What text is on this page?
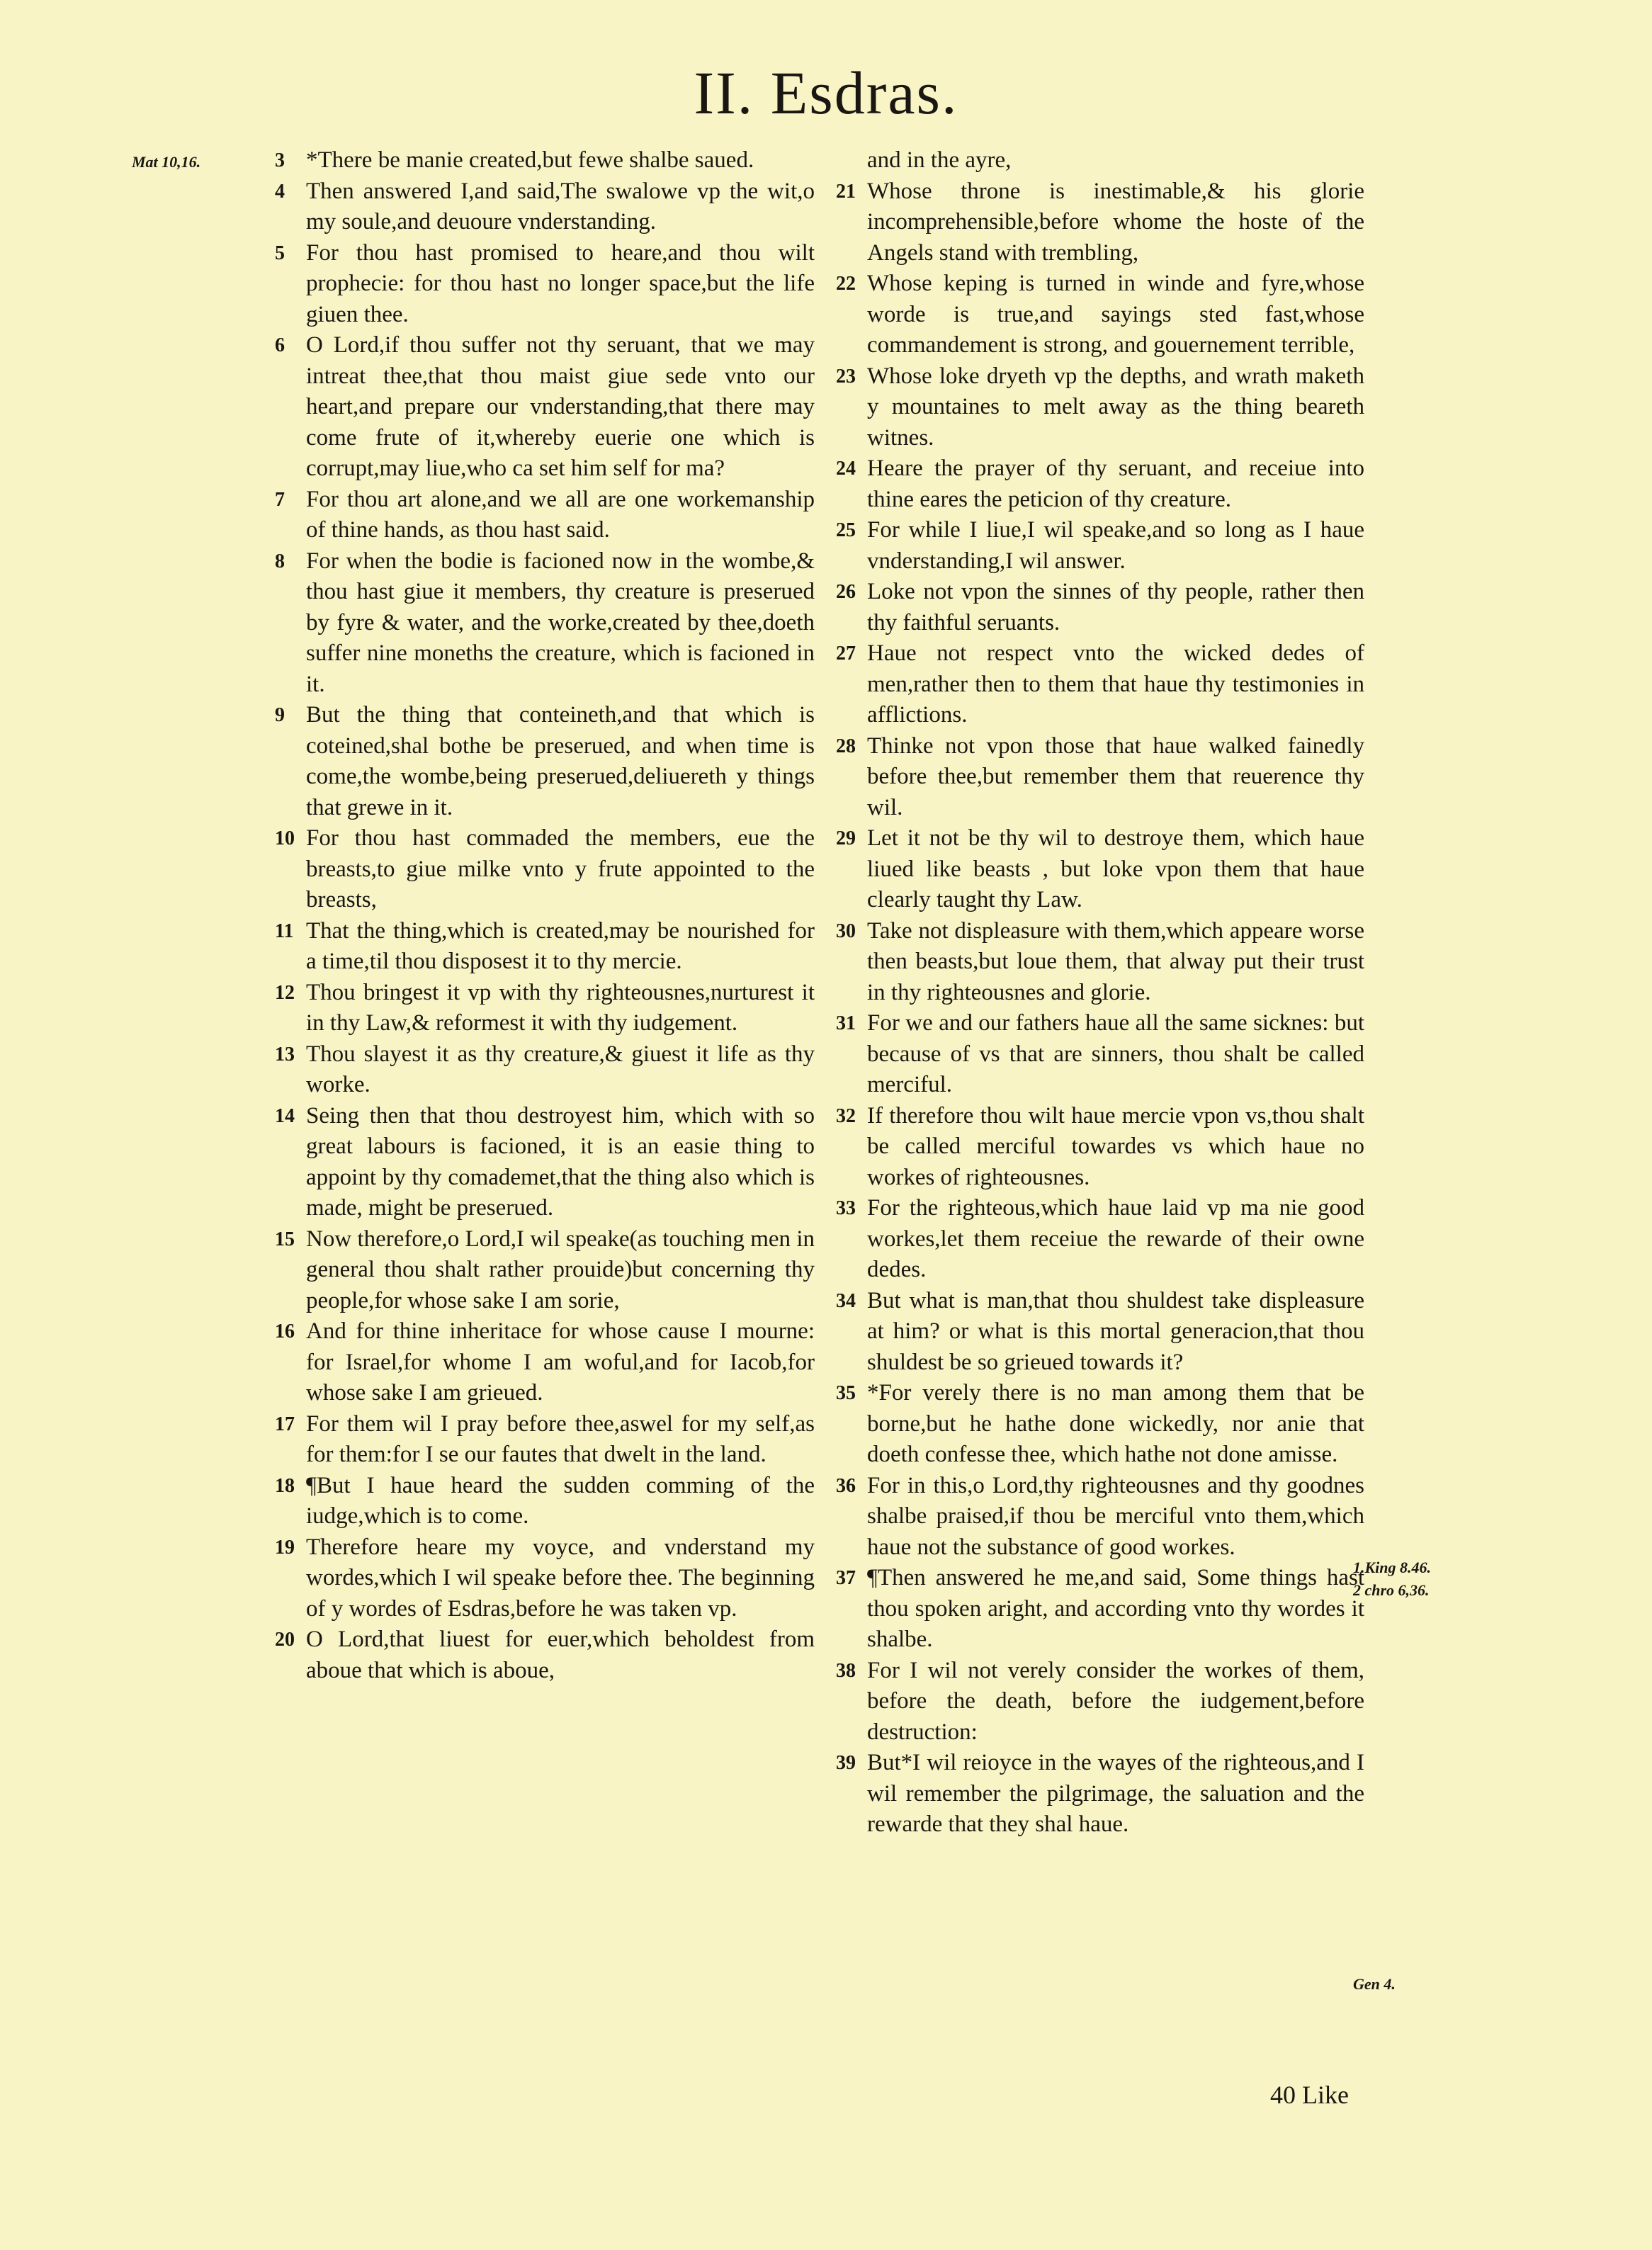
II. Esdras.
Mat 10,16.
1.King 8.46.
2 chro 6,36.
Gen 4.

3 *There be manie created,but fewe shalbe saued.

4 Then answered I,and said,The swalowe vp the wit,o my soule,and deuoure vnderstanding.

5 For thou hast promised to heare,and thou wilt prophecie: for thou hast no longer space,but the life giuen thee.

6 O Lord,if thou suffer not thy seruant, that we may intreat thee,that thou maist giue sede vnto our heart,and prepare our vnderstanding,that there may come frute of it,whereby euerie one which is corrupt,may liue,who ca set him self for ma?

7 For thou art alone,and we all are one workemanship of thine hands, as thou hast said.

8 For when the bodie is facioned now in the wombe,& thou hast giue it members, thy creature is preserued by fyre & water, and the worke,created by thee,doeth suffer nine moneths the creature, which is facioned in it.

9 But the thing that conteineth,and that which is coteined,shal bothe be preserued, and when time is come,the wombe,being preserued,deliuereth y things that grewe in it.

10 For thou hast commaded the members, eue the breasts,to giue milke vnto y frute appointed to the breasts,

11 That the thing,which is created,may be nourished for a time,til thou disposest it to thy mercie.

12 Thou bringest it vp with thy righteousnes,nurturest it in thy Law,& reformest it with thy iudgement.

13 Thou slayest it as thy creature,& giuest it life as thy worke.

14 Seing then that thou destroyest him, which with so great labours is facioned, it is an easie thing to appoint by thy comademet,that the thing also which is made, might be preserued.

15 Now therefore,o Lord,I wil speake(as touching men in general thou shalt rather prouide)but concerning thy people,for whose sake I am sorie,

16 And for thine inheritace for whose cause I mourne: for Israel,for whome I am woful,and for Iacob,for whose sake I am grieued.

17 For them wil I pray before thee,aswel for my self,as for them:for I se our fautes that dwelt in the land.

18 ¶But I haue heard the sudden comming of the iudge,which is to come.

19 Therefore heare my voyce, and vnderstand my wordes,which I wil speake before thee. The beginning of y wordes of Esdras,before he was taken vp.

20 O Lord,that liuest for euer,which beholdest from aboue that which is aboue,

and in the ayre,

21 Whose throne is inestimable,& his glorie incomprehensible,before whome the hoste of the Angels stand with trembling,

22 Whose keping is turned in winde and fyre,whose worde is true,and sayings sted fast,whose commandement is strong, and gouernement terrible,

23 Whose loke dryeth vp the depths, and wrath maketh y mountaines to melt away as the thing beareth witnes.

24 Heare the prayer of thy seruant, and receiue into thine eares the peticion of thy creature.

25 For while I liue,I wil speake,and so long as I haue vnderstanding,I wil answer.

26 Loke not vpon the sinnes of thy people, rather then thy faithful seruants.

27 Haue not respect vnto the wicked dedes of men,rather then to them that haue thy testimonies in afflictions.

28 Thinke not vpon those that haue walked fainedly before thee,but remember them that reuerence thy wil.

29 Let it not be thy wil to destroye them, which haue liued like beasts , but loke vpon them that haue clearly taught thy Law.

30 Take not displeasure with them,which appeare worse then beasts,but loue them, that alway put their trust in thy righteousnes and glorie.

31 For we and our fathers haue all the same sicknes: but because of vs that are sinners, thou shalt be called merciful.

32 If therefore thou wilt haue mercie vpon vs,thou shalt be called merciful towardes vs which haue no workes of righteousnes.

33 For the righteous,which haue laid vp ma nie good workes,let them receiue the rewarde of their owne dedes.

34 But what is man,that thou shuldest take displeasure at him? or what is this mortal generacion,that thou shuldest be so grieued towards it?

35 *For verely there is no man among them that be borne,but he hathe done wickedly, nor anie that doeth confesse thee, which hathe not done amisse.

36 For in this,o Lord,thy righteousnes and thy goodnes shalbe praised,if thou be merciful vnto them,which haue not the substance of good workes.

37 ¶Then answered he me,and said, Some things hast thou spoken aright, and according vnto thy wordes it shalbe.

38 For I wil not verely consider the workes of them, before the death, before the iudgement,before destruction:

39 But*I wil reioyce in the wayes of the righteous,and I wil remember the pilgrimage, the saluation and the rewarde that they shal haue.

40 Like
